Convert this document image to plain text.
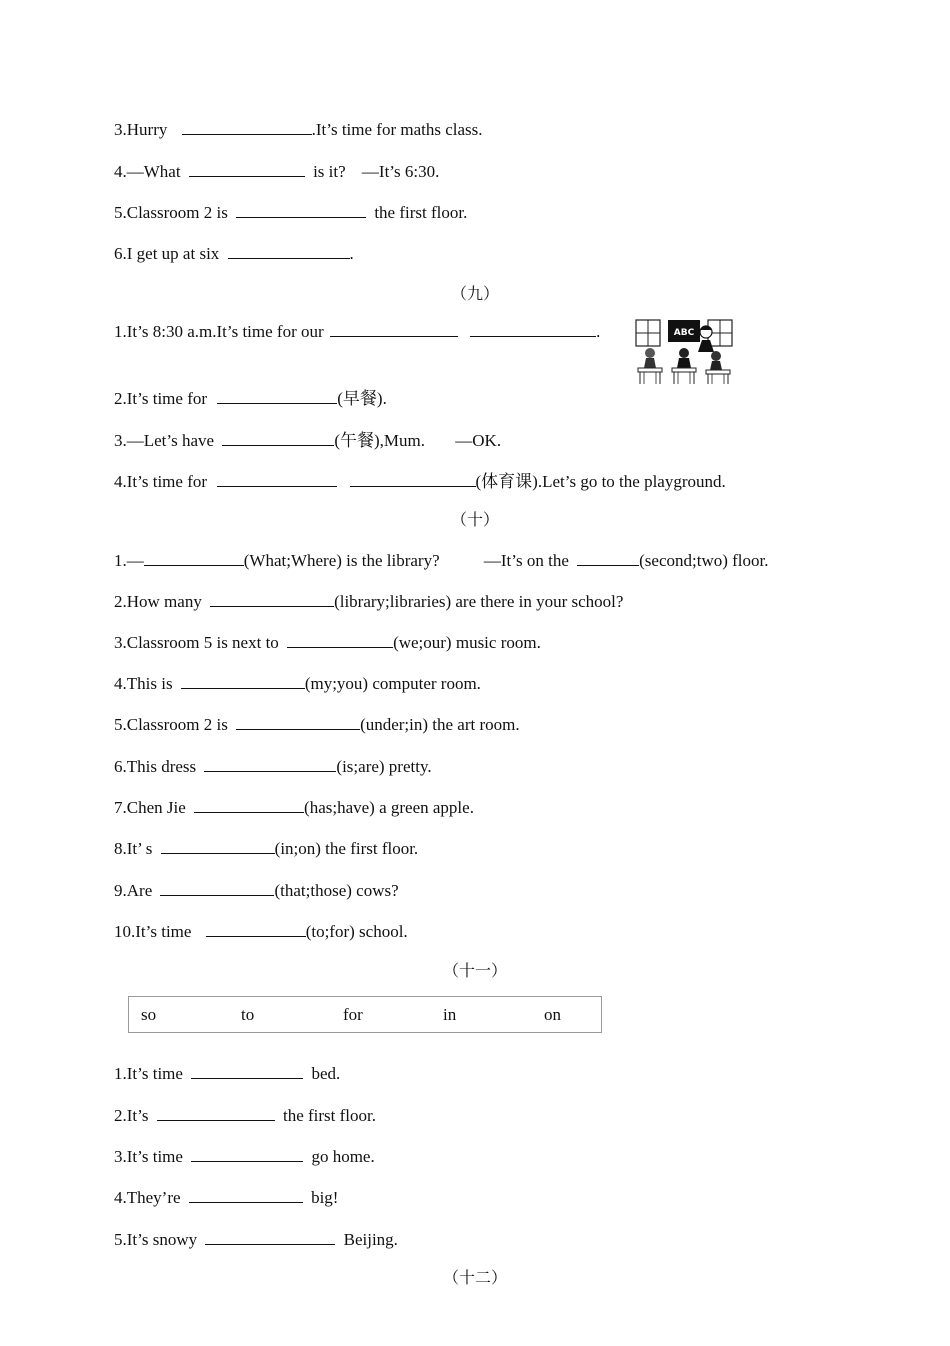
3.Hurry	.It’s time for maths class.
4.—What	is it? —It’s 6:30.
5.Classroom 2 is	the first floor.
6.I get up at six	.
（九）
1.It’s 8:30 a.m.It’s time for our	.	ABC
2.It’s time for	(早餐).
3.—Let’s have	(午餐),Mum. —OK.
4.It’s time for	(体育课).Let’s go to the playground.
（十）
1.—	(What;Where) is the library?	—It’s on the	(second;two) floor.
2.How many	(library;libraries) are there in your school?
3.Classroom 5 is next to	(we;our) music room.
4.This is	(my;you) computer room.
5.Classroom 2 is	(under;in) the art room.
6.This dress	(is;are) pretty.
7.Chen Jie	(has;have) a green apple.
8.It’ s	(in;on) the first floor.
9.Are	(that;those) cows?
10.It’s time	(to;for) school.
（十一）
so	to	for	in	on
1.It’s time	bed.
2.It’s	the first floor.
3.It’s time	go home.
4.They’re	big!
5.It’s snowy	Beijing.
（十二）
